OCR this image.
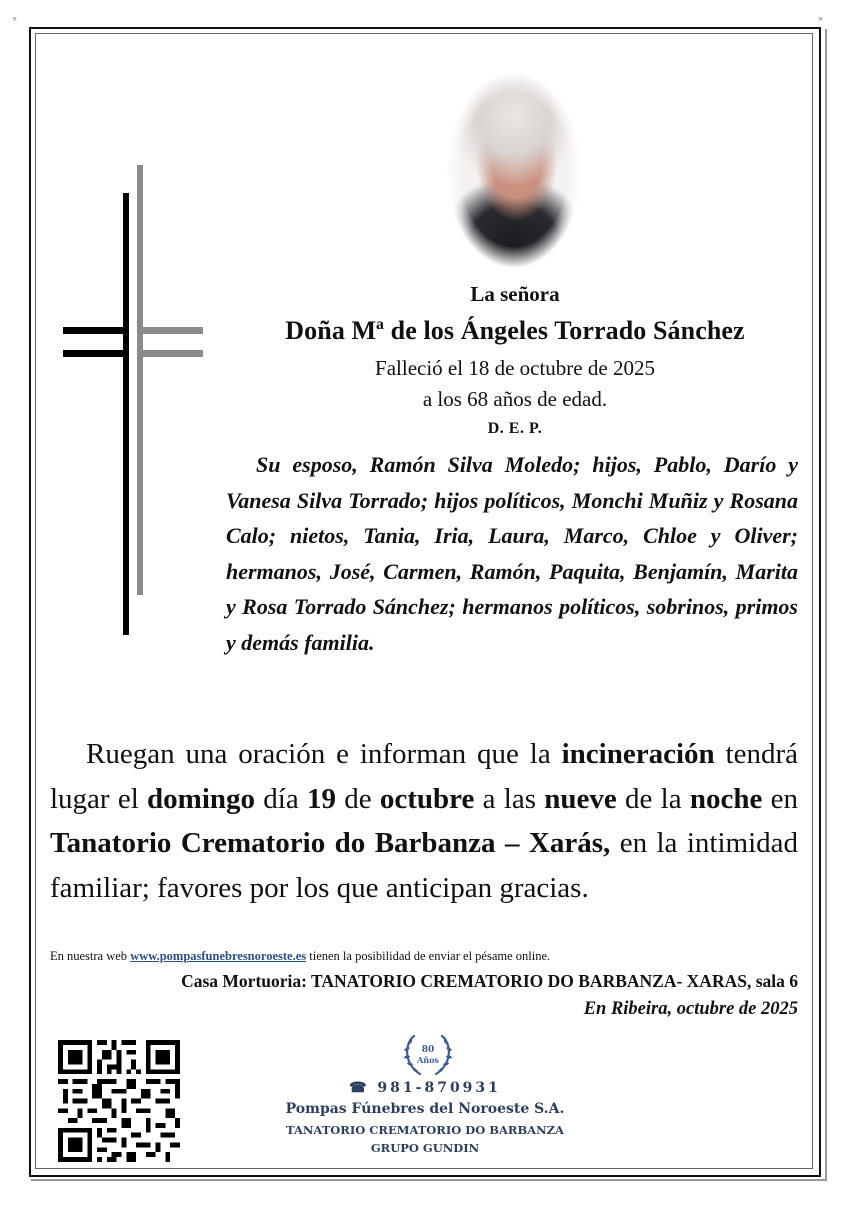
×	×
La señora
Doña Mª de los Ángeles Torrado Sánchez
Falleció el 18 de octubre de 2025
a los 68 años de edad.
D. E. P.
Su esposo, Ramón Silva Moledo; hijos, Pablo, Darío y Vanesa Silva Torrado; hijos políticos, Monchi Muñiz y Rosana Calo; nietos, Tania, Iria, Laura, Marco, Chloe y Oliver; hermanos, José, Carmen, Ramón, Paquita, Benjamín, Marita y Rosa Torrado Sánchez; hermanos políticos, sobrinos, primos y demás familia.
Ruegan una oración e informan que la incineración tendrá lugar el domingo día 19 de octubre a las nueve de la noche en Tanatorio Crematorio do Barbanza – Xarás, en la intimidad familiar; favores por los que anticipan gracias.
En nuestra web www.pompasfunebresnoroeste.es tienen la posibilidad de enviar el pésame online.
Casa Mortuoria: TANATORIO CREMATORIO DO BARBANZA- XARAS, sala 6
En Ribeira, octubre de 2025
80
Años
☎ 981-870931
Pompas Fúnebres del Noroeste S.A.
TANATORIO CREMATORIO DO BARBANZA
GRUPO GUNDIN
